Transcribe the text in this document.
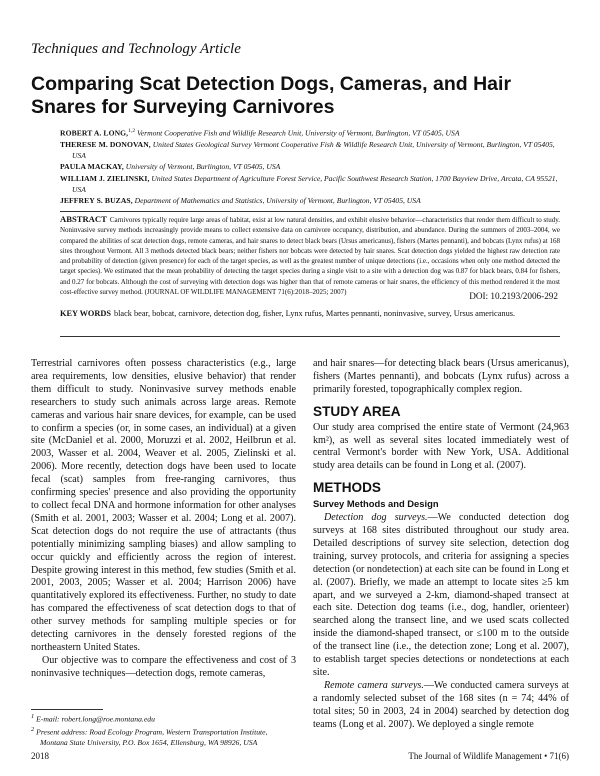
Techniques and Technology Article
Comparing Scat Detection Dogs, Cameras, and Hair Snares for Surveying Carnivores
ROBERT A. LONG,$^{1,2}$ Vermont Cooperative Fish and Wildlife Research Unit, University of Vermont, Burlington, VT 05405, USA
THERESE M. DONOVAN, United States Geological Survey Vermont Cooperative Fish & Wildlife Research Unit, University of Vermont, Burlington, VT 05405, USA
PAULA MACKAY, University of Vermont, Burlington, VT 05405, USA
WILLIAM J. ZIELINSKI, United States Department of Agriculture Forest Service, Pacific Southwest Research Station, 1700 Bayview Drive, Arcata, CA 95521, USA
JEFFREY S. BUZAS, Department of Mathematics and Statistics, University of Vermont, Burlington, VT 05405, USA
ABSTRACT Carnivores typically require large areas of habitat, exist at low natural densities, and exhibit elusive behavior—characteristics that render them difficult to study. Noninvasive survey methods increasingly provide means to collect extensive data on carnivore occupancy, distribution, and abundance. During the summers of 2003–2004, we compared the abilities of scat detection dogs, remote cameras, and hair snares to detect black bears (Ursus americanus), fishers (Martes pennanti), and bobcats (Lynx rufus) at 168 sites throughout Vermont. All 3 methods detected black bears; neither fishers nor bobcats were detected by hair snares. Scat detection dogs yielded the highest raw detection rate and probability of detection (given presence) for each of the target species, as well as the greatest number of unique detections (i.e., occasions when only one method detected the target species). We estimated that the mean probability of detecting the target species during a single visit to a site with a detection dog was 0.87 for black bears, 0.84 for fishers, and 0.27 for bobcats. Although the cost of surveying with detection dogs was higher than that of remote cameras or hair snares, the efficiency of this method rendered it the most cost-effective survey method. (JOURNAL OF WILDLIFE MANAGEMENT 71(6):2018–2025; 2007)	DOI: 10.2193/2006-292
KEY WORDS black bear, bobcat, carnivore, detection dog, fisher, Lynx rufus, Martes pennanti, noninvasive, survey, Ursus americanus.

Terrestrial carnivores often possess characteristics (e.g., large area requirements, low densities, elusive behavior) that render them difficult to study. Noninvasive survey methods enable researchers to study such animals across large areas. Remote cameras and various hair snare devices, for example, can be used to confirm a species (or, in some cases, an individual) at a given site (McDaniel et al. 2000, Moruzzi et al. 2002, Heilbrun et al. 2003, Wasser et al. 2004, Weaver et al. 2005, Zielinski et al. 2006). More recently, detection dogs have been used to locate fecal (scat) samples from free-ranging carnivores, thus confirming species' presence and also providing the opportunity to collect fecal DNA and hormone information for other analyses (Smith et al. 2001, 2003; Wasser et al. 2004; Long et al. 2007). Scat detection dogs do not require the use of attractants (thus potentially minimizing sampling biases) and allow sampling to occur quickly and efficiently across the region of interest. Despite growing interest in this method, few studies (Smith et al. 2001, 2003, 2005; Wasser et al. 2004; Harrison 2006) have quantitatively explored its effectiveness. Further, no study to date has compared the effectiveness of scat detection dogs to that of other survey methods for sampling multiple species or for detecting carnivores in the densely forested regions of the northeastern United States.

Our objective was to compare the effectiveness and cost of 3 noninvasive techniques—detection dogs, remote cameras,

$^1$ E-mail: robert.long@roe.montana.edu

$^2$ Present address: Road Ecology Program, Western Transportation Institute, Montana State University, P.O. Box 1654, Ellensburg, WA 98926, USA

and hair snares—for detecting black bears (Ursus americanus), fishers (Martes pennanti), and bobcats (Lynx rufus) across a primarily forested, topographically complex region.

STUDY AREA

Our study area comprised the entire state of Vermont (24,963 km²), as well as several sites located immediately west of central Vermont's border with New York, USA. Additional study area details can be found in Long et al. (2007).

METHODS
Survey Methods and Design

Detection dog surveys.—We conducted detection dog surveys at 168 sites distributed throughout our study area. Detailed descriptions of survey site selection, detection dog training, survey protocols, and criteria for assigning a species detection (or nondetection) at each site can be found in Long et al. (2007). Briefly, we made an attempt to locate sites ≥5 km apart, and we surveyed a 2-km, diamond-shaped transect at each site. Detection dog teams (i.e., dog, handler, orienteer) searched along the transect line, and we used scats collected inside the diamond-shaped transect, or ≤100 m to the outside of the transect line (i.e., the detection zone; Long et al. 2007), to establish target species detections or nondetections at each site.

Remote camera surveys.—We conducted camera surveys at a randomly selected subset of the 168 sites (n = 74; 44% of total sites; 50 in 2003, 24 in 2004) searched by detection dog teams (Long et al. 2007). We deployed a single remote

2018	The Journal of Wildlife Management • 71(6)
